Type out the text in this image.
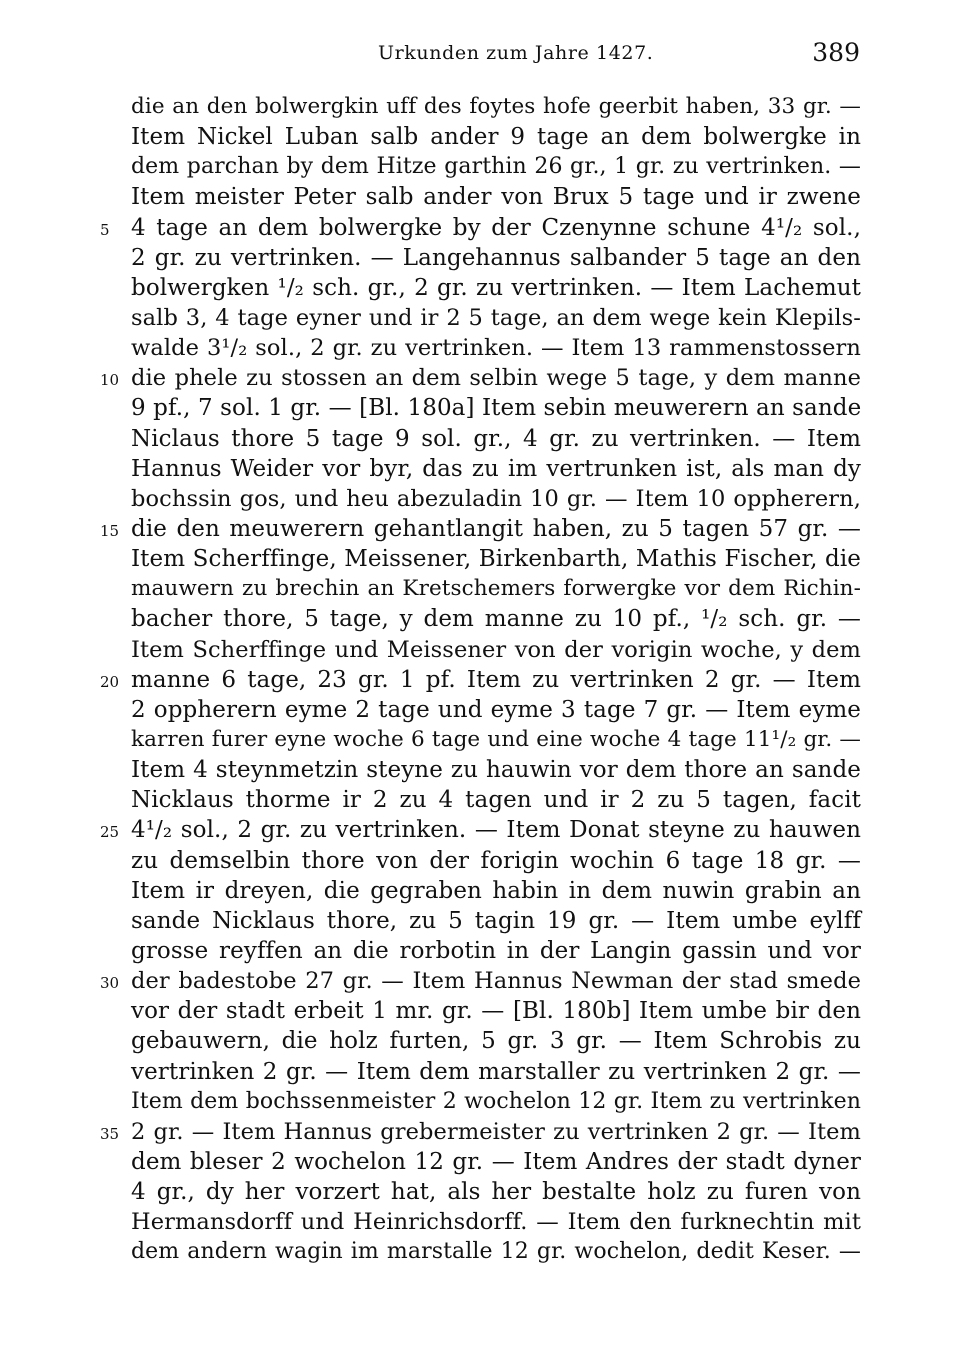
Urkunden zum Jahre 1427.	389
die an den bolwergkin uff des foytes hofe geerbit haben, 33 gr. —
Item Nickel Luban salb ander 9 tage an dem bolwergke in
dem parchan by dem Hitze garthin 26 gr., 1 gr. zu vertrinken. —
Item meister Peter salb ander von Brux 5 tage und ir zwene
5 4 tage an dem bolwergke by der Czenynne schune 4¹/₂ sol.,
2 gr. zu vertrinken. — Langehannus salbander 5 tage an den
bolwergken ¹/₂ sch. gr., 2 gr. zu vertrinken. — Item Lachemut
salb 3, 4 tage eyner und ir 2 5 tage, an dem wege kein Klepils-
walde 3¹/₂ sol., 2 gr. zu vertrinken. — Item 13 rammenstossern
10 die phele zu stossen an dem selbin wege 5 tage, y dem manne
9 pf., 7 sol. 1 gr. — [Bl. 180a] Item sebin meuwerern an sande
Niclaus thore 5 tage 9 sol. gr., 4 gr. zu vertrinken. — Item
Hannus Weider vor byr, das zu im vertrunken ist, als man dy
bochssin gos, und heu abezuladin 10 gr. — Item 10 oppherern,
15 die den meuwerern gehantlangit haben, zu 5 tagen 57 gr. —
Item Scherffinge, Meissener, Birkenbarth, Mathis Fischer, die
mauwern zu brechin an Kretschemers forwergke vor dem Richin-
bacher thore, 5 tage, y dem manne zu 10 pf., ¹/₂ sch. gr. —
Item Scherffinge und Meissener von der vorigin woche, y dem
20 manne 6 tage, 23 gr. 1 pf. Item zu vertrinken 2 gr. — Item
2 oppherern eyme 2 tage und eyme 3 tage 7 gr. — Item eyme
karren furer eyne woche 6 tage und eine woche 4 tage 11¹/₂ gr. —
Item 4 steynmetzin steyne zu hauwin vor dem thore an sande
Nicklaus thorme ir 2 zu 4 tagen und ir 2 zu 5 tagen, facit
25 4¹/₂ sol., 2 gr. zu vertrinken. — Item Donat steyne zu hauwen
zu demselbin thore von der forigin wochin 6 tage 18 gr. —
Item ir dreyen, die gegraben habin in dem nuwin grabin an
sande Nicklaus thore, zu 5 tagin 19 gr. — Item umbe eylff
grosse reyffen an die rorbotin in der Langin gassin und vor
30 der badestobe 27 gr. — Item Hannus Newman der stad smede
vor der stadt erbeit 1 mr. gr. — [Bl. 180b] Item umbe bir den
gebauwern, die holz furten, 5 gr. 3 gr. — Item Schrobis zu
vertrinken 2 gr. — Item dem marstaller zu vertrinken 2 gr. —
Item dem bochssenmeister 2 wochelon 12 gr. Item zu vertrinken
35 2 gr. — Item Hannus grebermeister zu vertrinken 2 gr. — Item
dem bleser 2 wochelon 12 gr. — Item Andres der stadt dyner
4 gr., dy her vorzert hat, als her bestalte holz zu furen von
Hermansdorff und Heinrichsdorff. — Item den furknechtin mit
dem andern wagin im marstalle 12 gr. wochelon, dedit Keser. —
